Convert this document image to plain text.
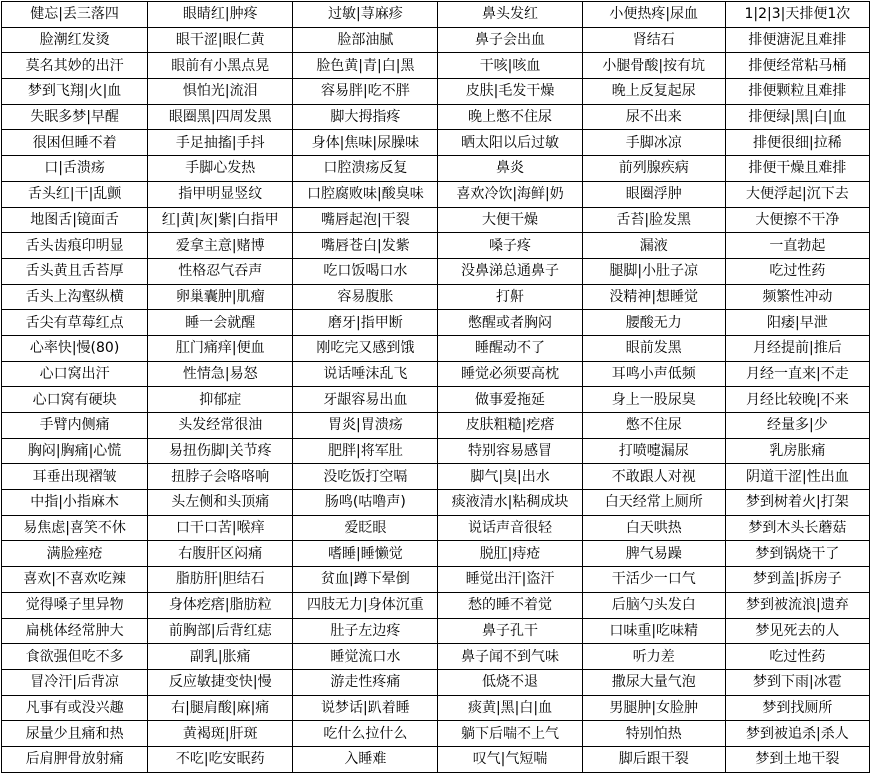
健忘|丢三落四	眼睛红|肿疼	过敏|荨麻疹	鼻头发红	小便热疼|尿血	1|2|3|天排便1次
脸潮红发烫	眼干涩|眼仁黄	脸部油腻	鼻子会出血	肾结石	排便溏泥且难排
莫名其妙的出汗	眼前有小黑点晃	脸色黄|青|白|黑	干咳|咳血	小腿骨酸|按有坑	排便经常粘马桶
梦到飞翔|火|血	惧怕光|流泪	容易胖|吃不胖	皮肤|毛发干燥	晚上反复起尿	排便颗粒且难排
失眠多梦|早醒	眼圈黑|四周发黑	脚大拇指疼	晚上憋不住尿	尿不出来	排便绿|黑|白|血
很困但睡不着	手足抽搐|手抖	身体|焦味|尿臊味	晒太阳以后过敏	手脚冰凉	排便很细|拉稀
口|舌溃疡	手脚心发热	口腔溃疡反复	鼻炎	前列腺疾病	排便干燥且难排
舌头红|干|乱颤	指甲明显竖纹	口腔腐败味|酸臭味	喜欢冷饮|海鲜|奶	眼圈浮肿	大便浮起|沉下去
地图舌|镜面舌	红|黄|灰|紫|白指甲	嘴唇起泡|干裂	大便干燥	舌苔|脸发黑	大便擦不干净
舌头齿痕印明显	爱拿主意|赌博	嘴唇苍白|发紫	嗓子疼	漏液	一直勃起
舌头黄且舌苔厚	性格忍气吞声	吃口饭喝口水	没鼻涕总通鼻子	腿脚|小肚子凉	吃过性药
舌头上沟壑纵横	卵巢囊肿|肌瘤	容易腹胀	打鼾	没精神|想睡觉	频繁性冲动
舌尖有草莓红点	睡一会就醒	磨牙|指甲断	憋醒或者胸闷	腰酸无力	阳痿|早泄
心率快|慢(80)	肛门痛痒|便血	刚吃完又感到饿	睡醒动不了	眼前发黑	月经提前|推后
心口窝出汗	性情急|易怒	说话唾沫乱飞	睡觉必须要高枕	耳鸣小声低频	月经一直来|不走
心口窝有硬块	抑郁症	牙龈容易出血	做事爱拖延	身上一股尿臭	月经比较晚|不来
手臂内侧痛	头发经常很油	胃炎|胃溃疡	皮肤粗糙|疙瘩	憋不住尿	经量多|少
胸闷|胸痛|心慌	易扭伤脚|关节疼	肥胖|将军肚	特别容易感冒	打喷嚏漏尿	乳房胀痛
耳垂出现褶皱	扭脖子会咯咯响	没吃饭打空嗝	脚气|臭|出水	不敢跟人对视	阴道干涩|性出血
中指|小指麻木	头左侧和头顶痛	肠鸣(咕噜声)	痰液清水|粘稠成块	白天经常上厕所	梦到树着火|打架
易焦虑|喜笑不休	口干口苦|喉痒	爱眨眼	说话声音很轻	白天哄热	梦到木头长蘑菇
满脸痤疮	右腹肝区闷痛	嗜睡|睡懒觉	脱肛|痔疮	脾气易躁	梦到锅烧干了
喜欢|不喜欢吃辣	脂肪肝|胆结石	贫血|蹲下晕倒	睡觉出汗|盗汗	干活少一口气	梦到盖|拆房子
觉得嗓子里异物	身体疙瘩|脂肪粒	四肢无力|身体沉重	愁的睡不着觉	后脑勺头发白	梦到被流浪|遗弃
扁桃体经常肿大	前胸部|后背红痣	肚子左边疼	鼻子孔干	口味重|吃味精	梦见死去的人
食欲强但吃不多	副乳|胀痛	睡觉流口水	鼻子闻不到气味	听力差	吃过性药
冒冷汗|后背凉	反应敏捷变快|慢	游走性疼痛	低烧不退	撒尿大量气泡	梦到下雨|冰雹
凡事有或没兴趣	右|腿肩酸|麻|痛	说梦话|趴着睡	痰黄|黑|白|血	男腿肿|女脸肿	梦到找厕所
尿量少且痛和热	黄褐斑|肝斑	吃什么拉什么	躺下后喘不上气	特别怕热	梦到被追杀|杀人
后肩胛骨放射痛	不吃|吃安眠药	入睡难	叹气|气短喘	脚后跟干裂	梦到土地干裂
